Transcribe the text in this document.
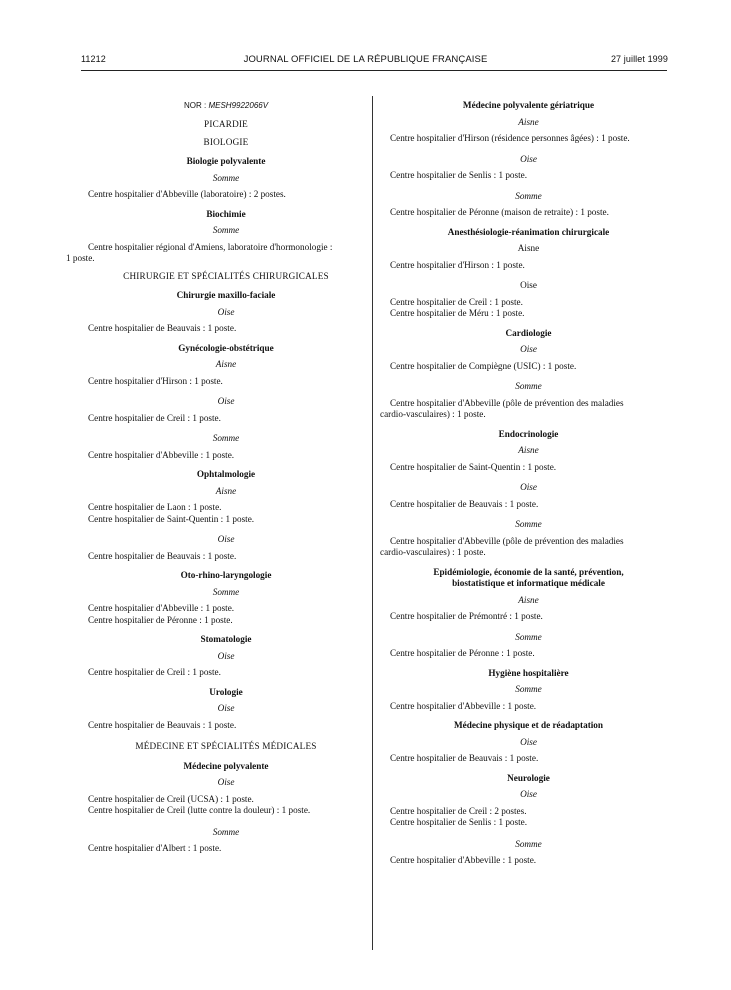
11212	JOURNAL OFFICIEL DE LA RÉPUBLIQUE FRANÇAISE	27 juillet 1999
NOR : MESH9922066V
PICARDIE
BIOLOGIE
Biologie polyvalente
Somme
Centre hospitalier d'Abbeville (laboratoire) : 2 postes.
Biochimie
Somme
Centre hospitalier régional d'Amiens, laboratoire d'hormonologie :
1 poste.
CHIRURGIE ET SPÉCIALITÉS CHIRURGICALES
Chirurgie maxillo-faciale
Oise
Centre hospitalier de Beauvais : 1 poste.
Gynécologie-obstétrique
Aisne
Centre hospitalier d'Hirson : 1 poste.
Oise
Centre hospitalier de Creil : 1 poste.
Somme
Centre hospitalier d'Abbeville : 1 poste.
Ophtalmologie
Aisne
Centre hospitalier de Laon : 1 poste.
Centre hospitalier de Saint-Quentin : 1 poste.
Oise
Centre hospitalier de Beauvais : 1 poste.
Oto-rhino-laryngologie
Somme
Centre hospitalier d'Abbeville : 1 poste.
Centre hospitalier de Péronne : 1 poste.
Stomatologie
Oise
Centre hospitalier de Creil : 1 poste.
Urologie
Oise
Centre hospitalier de Beauvais : 1 poste.
MÉDECINE ET SPÉCIALITÉS MÉDICALES
Médecine polyvalente
Oise
Centre hospitalier de Creil (UCSA) : 1 poste.
Centre hospitalier de Creil (lutte contre la douleur) : 1 poste.
Somme
Centre hospitalier d'Albert : 1 poste.
Médecine polyvalente gériatrique
Aisne
Centre hospitalier d'Hirson (résidence personnes âgées) : 1 poste.
Oise
Centre hospitalier de Senlis : 1 poste.
Somme
Centre hospitalier de Péronne (maison de retraite) : 1 poste.
Anesthésiologie-réanimation chirurgicale
Aisne
Centre hospitalier d'Hirson : 1 poste.
Oise
Centre hospitalier de Creil : 1 poste.
Centre hospitalier de Méru : 1 poste.
Cardiologie
Oise
Centre hospitalier de Compiègne (USIC) : 1 poste.
Somme
Centre hospitalier d'Abbeville (pôle de prévention des maladies
cardio-vasculaires) : 1 poste.
Endocrinologie
Aisne
Centre hospitalier de Saint-Quentin : 1 poste.
Oise
Centre hospitalier de Beauvais : 1 poste.
Somme
Centre hospitalier d'Abbeville (pôle de prévention des maladies
cardio-vasculaires) : 1 poste.
Epidémiologie, économie de la santé, prévention,
biostatistique et informatique médicale
Aisne
Centre hospitalier de Prémontré : 1 poste.
Somme
Centre hospitalier de Péronne : 1 poste.
Hygiène hospitalière
Somme
Centre hospitalier d'Abbeville : 1 poste.
Médecine physique et de réadaptation
Oise
Centre hospitalier de Beauvais : 1 poste.
Neurologie
Oise
Centre hospitalier de Creil : 2 postes.
Centre hospitalier de Senlis : 1 poste.
Somme
Centre hospitalier d'Abbeville : 1 poste.
